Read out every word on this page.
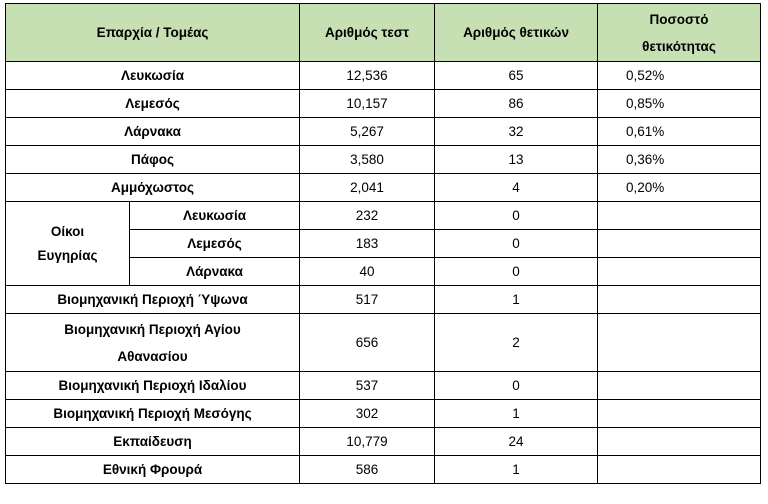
Επαρχία / Τομέας		Αριθμός τεστ	Αριθμός θετικών	Ποσοστό
θετικότητας

Λευκωσία		12,536	65	0,52%
Λεμεσός		10,157	86	0,85%
Λάρνακα		5,267	32	0,61%
Πάφος		3,580	13	0,36%
Αμμόχωστος		2,041	4	0,20%

Οίκοι
Ευγηρίας	Λευκωσία	232	0	
	Λεμεσός	183	0	
	Λάρνακα	40	0	
Βιομηχανική Περιοχή Ύψωνα		517	1	

Βιομηχανική Περιοχή Αγίου
Αθανασίου		656	2	
Βιομηχανική Περιοχή Ιδαλίου		537	0	
Βιομηχανική Περιοχή Μεσόγης		302	1	
Εκπαίδευση		10,779	24	
Εθνική Φρουρά		586	1	
